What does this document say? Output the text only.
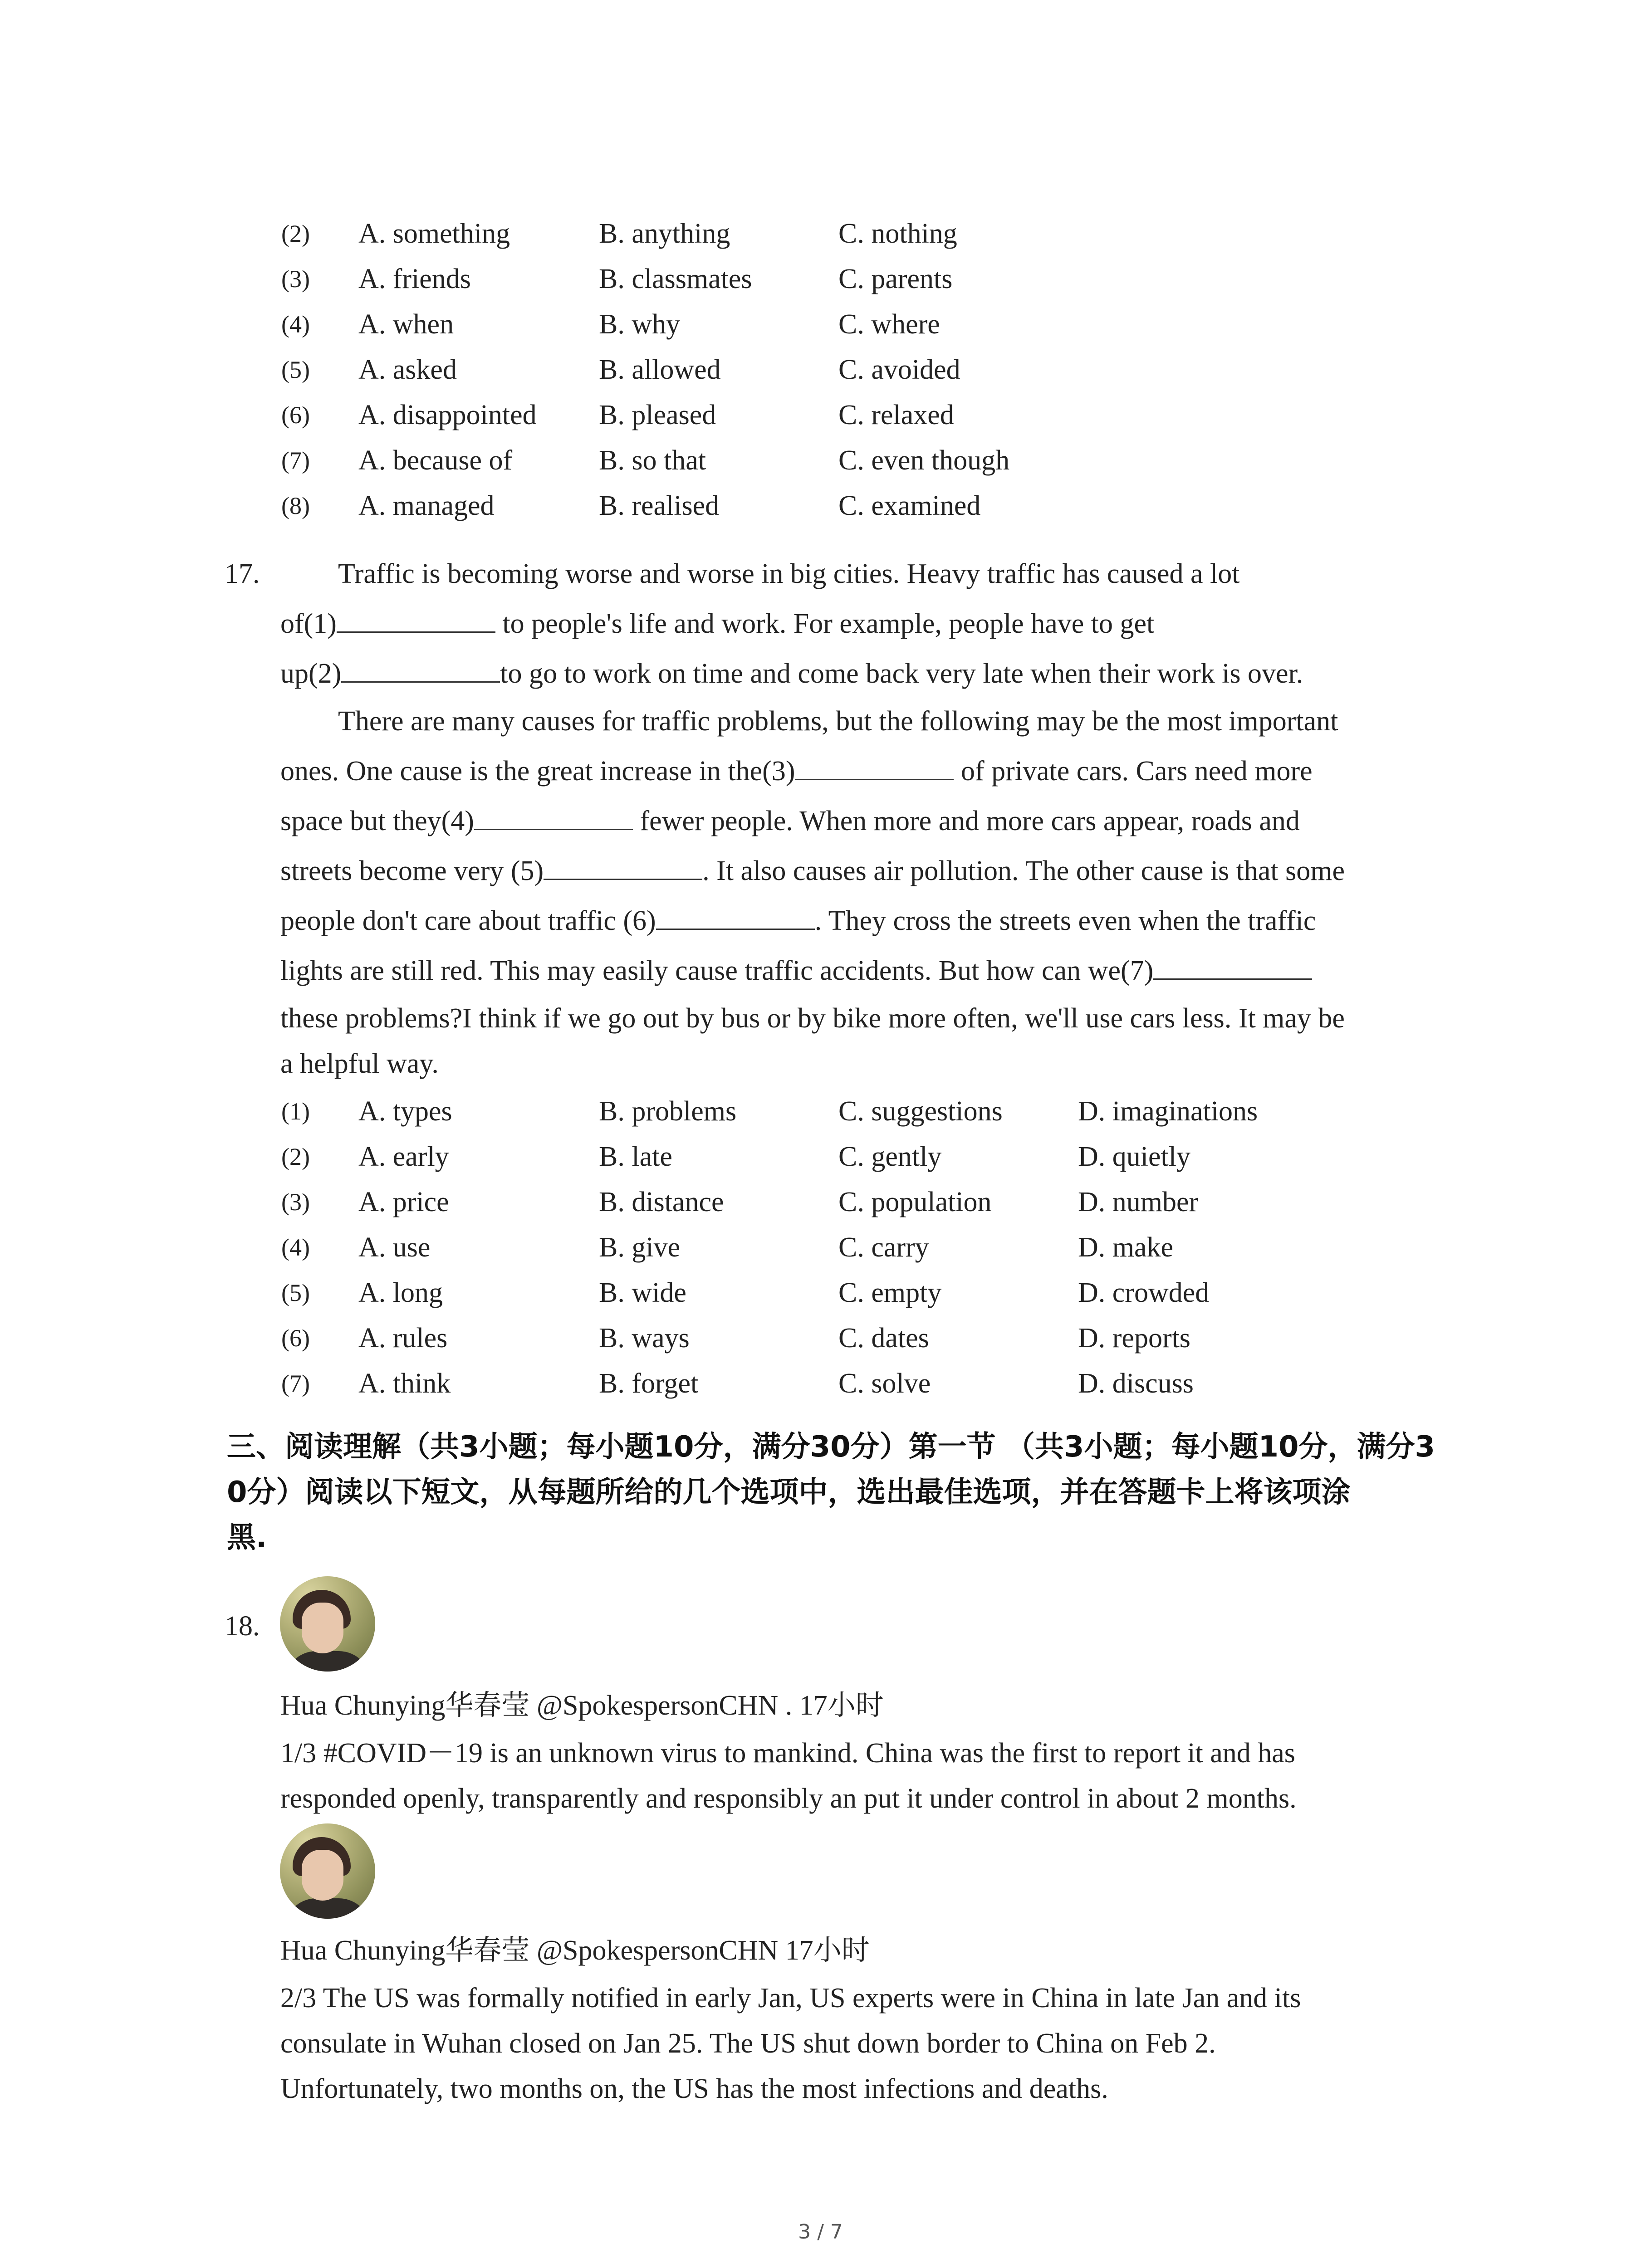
(2) A. something	B. anything	C. nothing
(3) A. friends	B. classmates	C. parents
(4) A. when	B. why	C. where
(5) A. asked	B. allowed	C. avoided
(6) A. disappointed B. pleased	C. relaxed
(7) A. because of	B. so that	C. even though
(8) A. managed	B. realised	C. examined
17.	Traffic is becoming worse and worse in big cities. Heavy traffic has caused a lot
of(1)	to people's life and work. For example, people have to get
up(2)	to go to work on time and come back very late when their work is over.
There are many causes for traffic problems, but the following may be the most important
ones. One cause is the great increase in the(3)	of private cars. Cars need more
space but they(4)	fewer people. When more and more cars appear, roads and
streets become very (5)	. It also causes air pollution. The other cause is that some
people don't care about traffic (6)	. They cross the streets even when the traffic
lights are still red. This may easily cause traffic accidents. But how can we(7)
these problems?I think if we go out by bus or by bike more often, we'll use cars less. It may be
a helpful way.
(1) A. types	B. problems	C. suggestions	D. imaginations
(2) A. early	B. late	C. gently	D. quietly
(3) A. price	B. distance	C. population	D. number
(4) A. use	B. give	C. carry	D. make
(5) A. long	B. wide	C. empty	D. crowded
(6) A. rules	B. ways	C. dates	D. reports
(7) A. think	B. forget	C. solve	D. discuss
三、阅读理解（共3小题；每小题10分，满分30分）第一节 （共3小题；每小题10分，满分3
0分）阅读以下短文，从每题所给的几个选项中，选出最佳选项，并在答题卡上将该项涂
黑.
18.
Hua Chunying华春莹 @SpokespersonCHN . 17小时
1/3 #COVID－19 is an unknown virus to mankind. China was the first to report it and has
responded openly, transparently and responsibly an put it under control in about 2 months.
Hua Chunying华春莹 @SpokespersonCHN 17小时
2/3 The US was formally notified in early Jan, US experts were in China in late Jan and its
consulate in Wuhan closed on Jan 25. The US shut down border to China on Feb 2.
Unfortunately, two months on, the US has the most infections and deaths.
3 / 7
